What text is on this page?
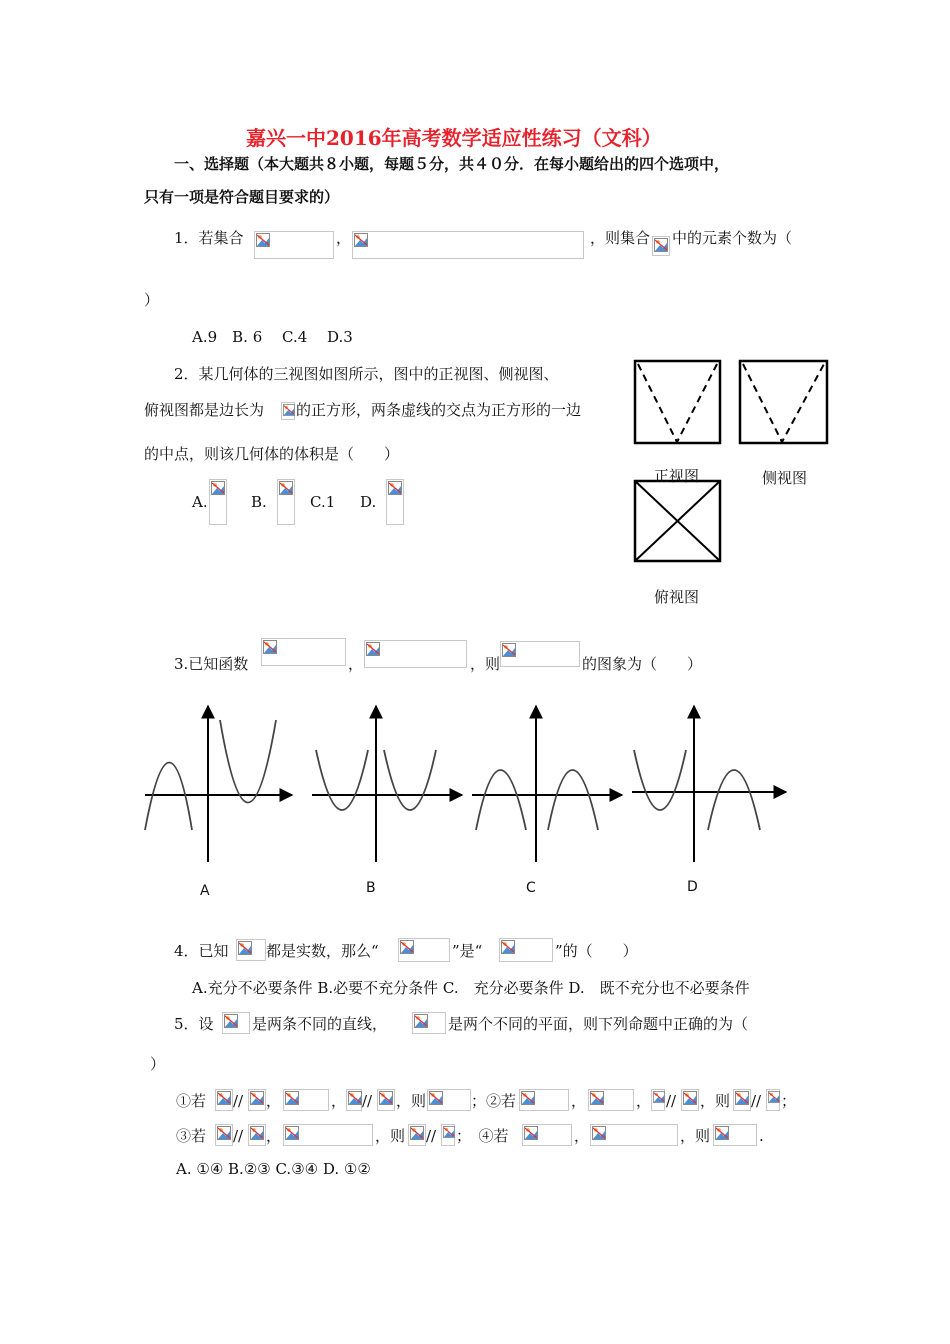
嘉兴一中2016年高考数学适应性练习（文科）
一、选择题（本大题共８小题，每题５分，共４０分．在每小题给出的四个选项中，
只有一项是符合题目要求的）
1．若集合	，	，则集合 中的元素个数为（
）
A.9　B. 6　 C.4　 D.3
2．某几何体的三视图如图所示，图中的正视图、侧视图、
俯视图都是边长为 的正方形，两条虚线的交点为正方形的一边
的中点，则该几何体的体积是（　　）
A.	B.	C.1 D.
正视图	侧视图
俯视图
3.已知函数	，	，则	的图象为（　　）
A	B	C	D
4．已知 都是实数，那么“	”是“	”的（　　）
A.充分不必要条件 B.必要不充分条件 C.　充分必要条件 D.　既不充分也不必要条件
5．设	是两条不同的直线，	是两个不同的平面，则下列命题中正确的为（
）
①若 // ，	， // ，则	；②若	，	， // ，则 // ；
③若 // ，	，则 // ；　④若	，	，则	.
A. ①④ B.②③ C.③④ D. ①②
